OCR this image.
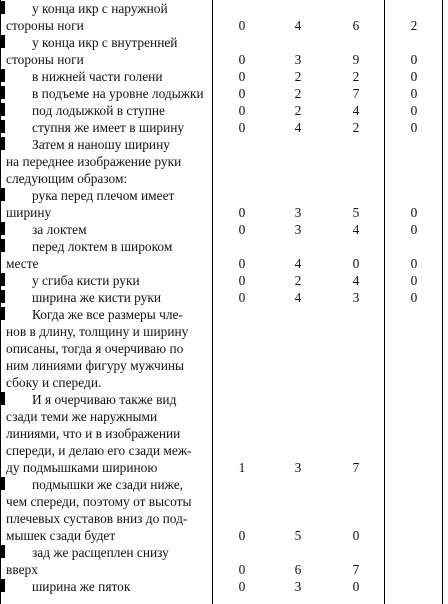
у конца икр с наружной
стороны ноги	0	4	6	2
у конца икр с внутренней
стороны ноги	0	3	9	0
в нижней части голени	0	2	2	0
в подъеме на уровне лодыжки	0	2	7	0
под лодыжкой в ступне	0	2	4	0
ступня же имеет в ширину	0	4	2	0
Затем я наношу ширину
на переднее изображение руки
следующим образом:
рука перед плечом имеет
ширину	0	3	5	0
за локтем	0	3	4	0
перед локтем в широком
месте	0	4	0	0
у сгиба кисти руки	0	2	4	0
ширина же кисти руки	0	4	3	0
Когда же все размеры чле-
нов в длину, толщину и ширину
описаны, тогда я очерчиваю по
ним линиями фигуру мужчины
сбоку и спереди.
И я очерчиваю также вид
сзади теми же наружными
линиями, что и в изображении
спереди, и делаю его сзади меж-
ду подмышками шириною	1	3	7
подмышки же сзади ниже,
чем спереди, поэтому от высоты
плечевых суставов вниз до под-
мышек сзади будет	0	5	0
зад же расщеплен снизу
вверх	0	6	7
ширина же пяток	0	3	0
